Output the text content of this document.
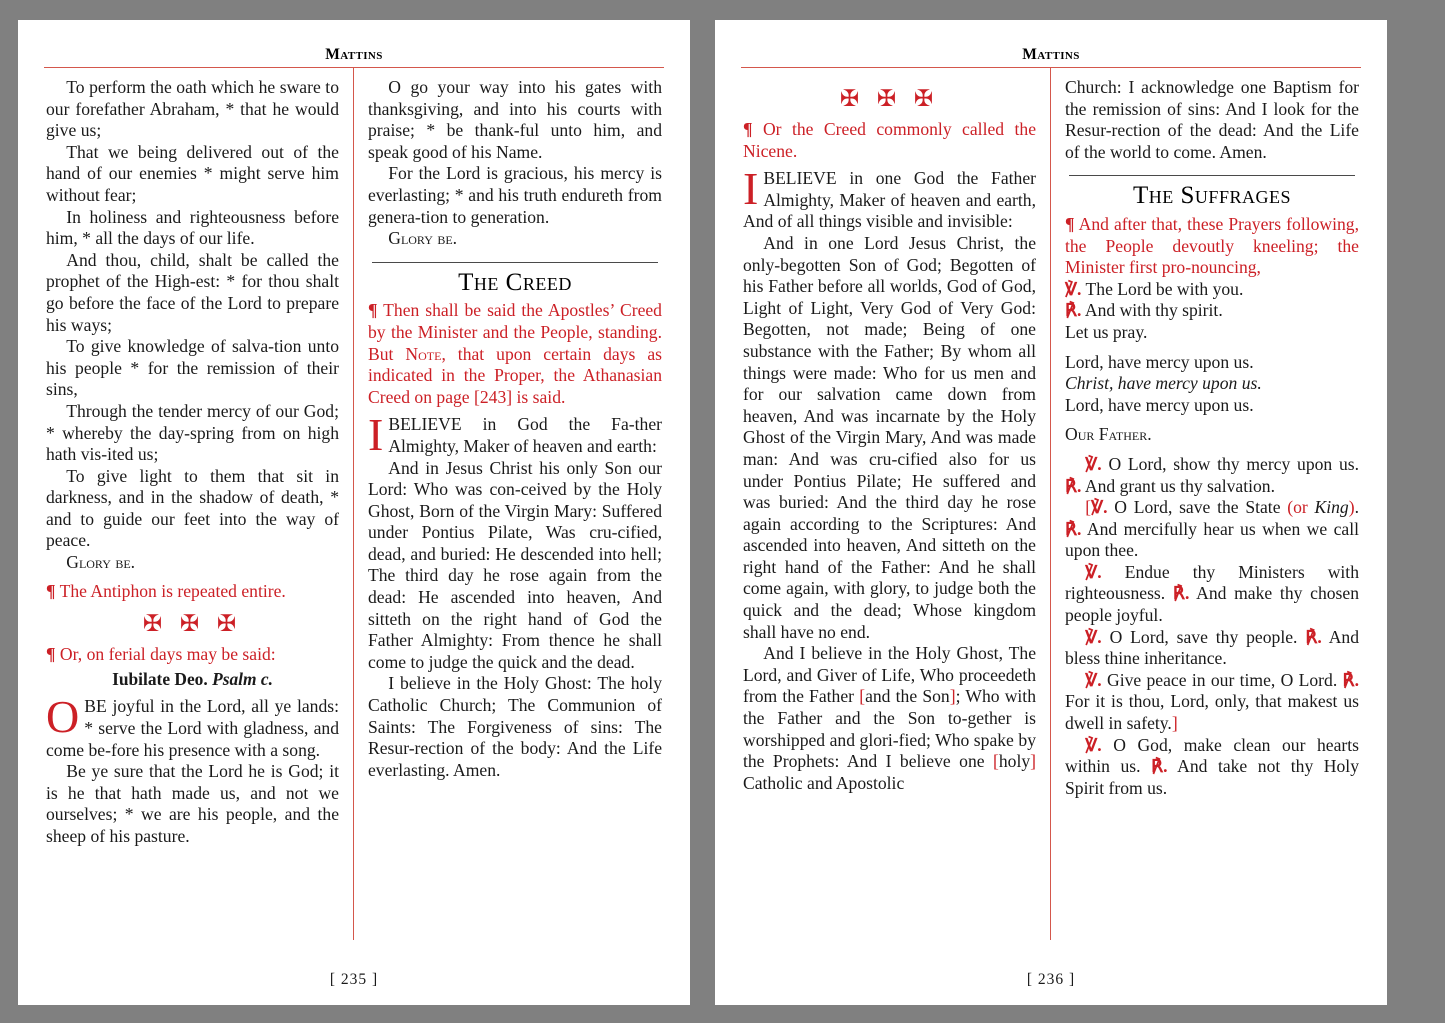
Mattins

To perform the oath which he sware to our forefather Abraham, * that he would give us;

That we being delivered out of the hand of our enemies * might serve him without fear;

In holiness and righteousness before him, * all the days of our life.

And thou, child, shalt be called the prophet of the High-est: * for thou shalt go before the face of the Lord to prepare his ways;

To give knowledge of salva-tion unto his people * for the remission of their sins,

Through the tender mercy of our God; * whereby the day-spring from on high hath vis-ited us;

To give light to them that sit in darkness, and in the shadow of death, * and to guide our feet into the way of peace.

Glory be.

¶ The Antiphon is repeated entire.

✠ ✠ ✠

¶ Or, on ferial days may be said:

Iubilate Deo. Psalm c.

OBE joyful in the Lord, all ye lands: * serve the Lord with gladness, and come be-fore his presence with a song.

Be ye sure that the Lord he is God; it is he that hath made us, and not we ourselves; * we are his people, and the sheep of his pasture.

O go your way into his gates with thanksgiving, and into his courts with praise; * be thank-ful unto him, and speak good of his Name.

For the Lord is gracious, his mercy is everlasting; * and his truth endureth from genera-tion to generation.

Glory be.

The Creed

¶ Then shall be said the Apostles’ Creed by the Minister and the People, standing. But Note, that upon certain days as indicated in the Proper, the Athanasian Creed on page [243] is said.

IBELIEVE in God the Fa-ther Almighty, Maker of heaven and earth:

And in Jesus Christ his only Son our Lord: Who was con-ceived by the Holy Ghost, Born of the Virgin Mary: Suffered under Pontius Pilate, Was cru-cified, dead, and buried: He descended into hell; The third day he rose again from the dead: He ascended into heaven, And sitteth on the right hand of God the Father Almighty: From thence he shall come to judge the quick and the dead.

I believe in the Holy Ghost: The holy Catholic Church; The Communion of Saints: The Forgiveness of sins: The Resur-rection of the body: And the Life everlasting. Amen.

[ 235 ]
Mattins

✠ ✠ ✠

¶ Or the Creed commonly called the Nicene.

IBELIEVE in one God the Father Almighty, Maker of heaven and earth, And of all things visible and invisible:

And in one Lord Jesus Christ, the only-begotten Son of God; Begotten of his Father before all worlds, God of God, Light of Light, Very God of Very God: Begotten, not made; Being of one substance with the Father; By whom all things were made: Who for us men and for our salvation came down from heaven, And was incarnate by the Holy Ghost of the Virgin Mary, And was made man: And was cru-cified also for us under Pontius Pilate; He suffered and was buried: And the third day he rose again according to the Scriptures: And ascended into heaven, And sitteth on the right hand of the Father: And he shall come again, with glory, to judge both the quick and the dead; Whose kingdom shall have no end.

And I believe in the Holy Ghost, The Lord, and Giver of Life, Who proceedeth from the Father [and the Son]; Who with the Father and the Son to-gether is worshipped and glori-fied; Who spake by the Prophets: And I believe one [holy] Catholic and Apostolic

Church: I acknowledge one Baptism for the remission of sins: And I look for the Resur-rection of the dead: And the Life of the world to come. Amen.

The Suffrages

¶ And after that, these Prayers following, the People devoutly kneeling; the Minister first pro-nouncing,

℣. The Lord be with you.

℟. And with thy spirit.

Let us pray.

Lord, have mercy upon us.

Christ, have mercy upon us.

Lord, have mercy upon us.

Our Father.

℣. O Lord, show thy mercy upon us. ℟. And grant us thy salvation.

[℣. O Lord, save the State (or King). ℟. And mercifully hear us when we call upon thee.

℣. Endue thy Ministers with righteousness. ℟. And make thy chosen people joyful.

℣. O Lord, save thy people. ℟. And bless thine inheritance.

℣. Give peace in our time, O Lord. ℟. For it is thou, Lord, only, that makest us dwell in safety.]

℣. O God, make clean our hearts within us. ℟. And take not thy Holy Spirit from us.

[ 236 ]
